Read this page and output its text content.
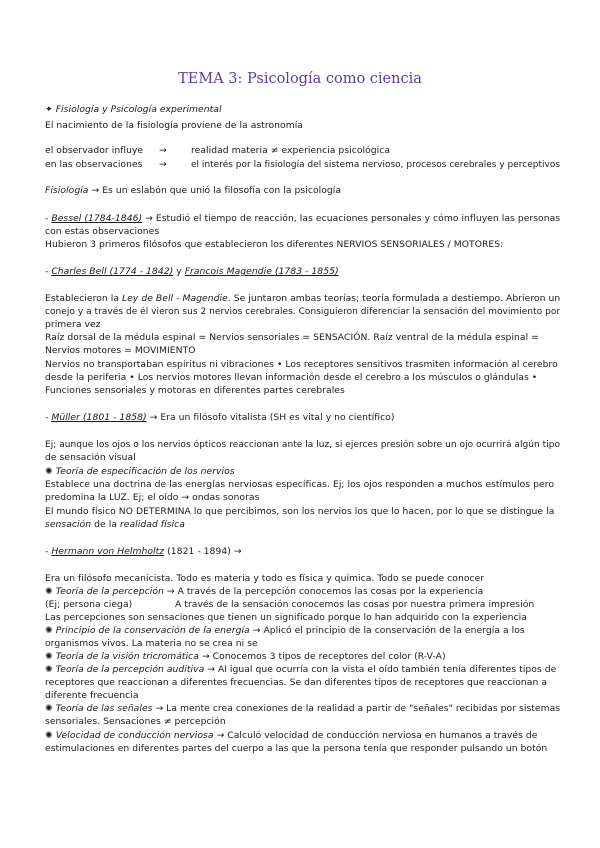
TEMA 3: Psicología como ciencia
✦ Fisiología y Psicología experimental
El nacimiento de la fisiología proviene de la astronomía
el observador influye →	realidad materia ≠ experiencia psicológica
en las observaciones →	el interés por la fisiología del sistema nervioso, procesos cerebrales y perceptivos
Fisiología → Es un eslabón que unió la filosofía con la psicología
- Bessel (1784-1846) → Estudió el tiempo de reacción, las ecuaciones personales y cómo influyen las personas
con estas observaciones
Hubieron 3 primeros filósofos que establecieron los diferentes NERVIOS SENSORIALES / MOTORES:
- Charles Bell (1774 - 1842) y Francois Magendie (1783 - 1855)
Establecieron la Ley de Bell - Magendie. Se juntaron ambas teorías; teoría formulada a destiempo. Abrieron un
conejo y a través de él vieron sus 2 nervios cerebrales. Consiguieron diferenciar la sensación del movimiento por
primera vez
Raíz dorsal de la médula espinal = Nervios sensoriales = SENSACIÓN. Raíz ventral de la médula espinal =
Nervios motores = MOVIMIENTO
Nervios no transportaban espíritus ni vibraciones • Los receptores sensitivos trasmiten información al cerebro
desde la periferia • Los nervios motores llevan información desde el cerebro a los músculos o glándulas •
Funciones sensoriales y motoras en diferentes partes cerebrales
- Müller (1801 - 1858) → Era un filósofo vitalista (SH es vital y no científico)
Ej; aunque los ojos o los nervios ópticos reaccionan ante la luz, si ejerces presión sobre un ojo ocurrirá algún tipo
de sensación visual
✺ Teoría de especificación de los nervios
Establece una doctrina de las energías nerviosas específicas. Ej; los ojos responden a muchos estímulos pero
predomina la LUZ. Ej; el oído → ondas sonoras
El mundo físico NO DETERMINA lo que percibimos, son los nervios los que lo hacen, por lo que se distingue la
sensación de la realidad física
- Hermann von Helmholtz (1821 - 1894) →
Era un filósofo mecanicista. Todo es materia y todo es física y química. Todo se puede conocer
✺ Teoría de la percepción → A través de la percepción conocemos las cosas por la experiencia
(Ej; persona ciega)	A través de la sensación conocemos las cosas por nuestra primera impresión
Las percepciones son sensaciones que tienen un significado porque lo han adquirido con la experiencia
✺ Principio de la conservación de la energía → Aplicó el principio de la conservación de la energía a los
organismos vivos. La materia no se crea ni se
✺ Teoría de la visión tricromática → Conocemos 3 tipos de receptores del color (R-V-A)
✺ Teoría de la percepción auditiva → Al igual que ocurría con la vista el oído también tenía diferentes tipos de
receptores que reaccionan a diferentes frecuencias. Se dan diferentes tipos de receptores que reaccionan a
diferente frecuencia
✺ Teoría de las señales → La mente crea conexiones de la realidad a partir de "señales" recibidas por sistemas
sensoriales. Sensaciones ≠ percepción
✺ Velocidad de conducción nerviosa → Calculó velocidad de conducción nerviosa en humanos a través de
estimulaciones en diferentes partes del cuerpo a las que la persona tenía que responder pulsando un botón
